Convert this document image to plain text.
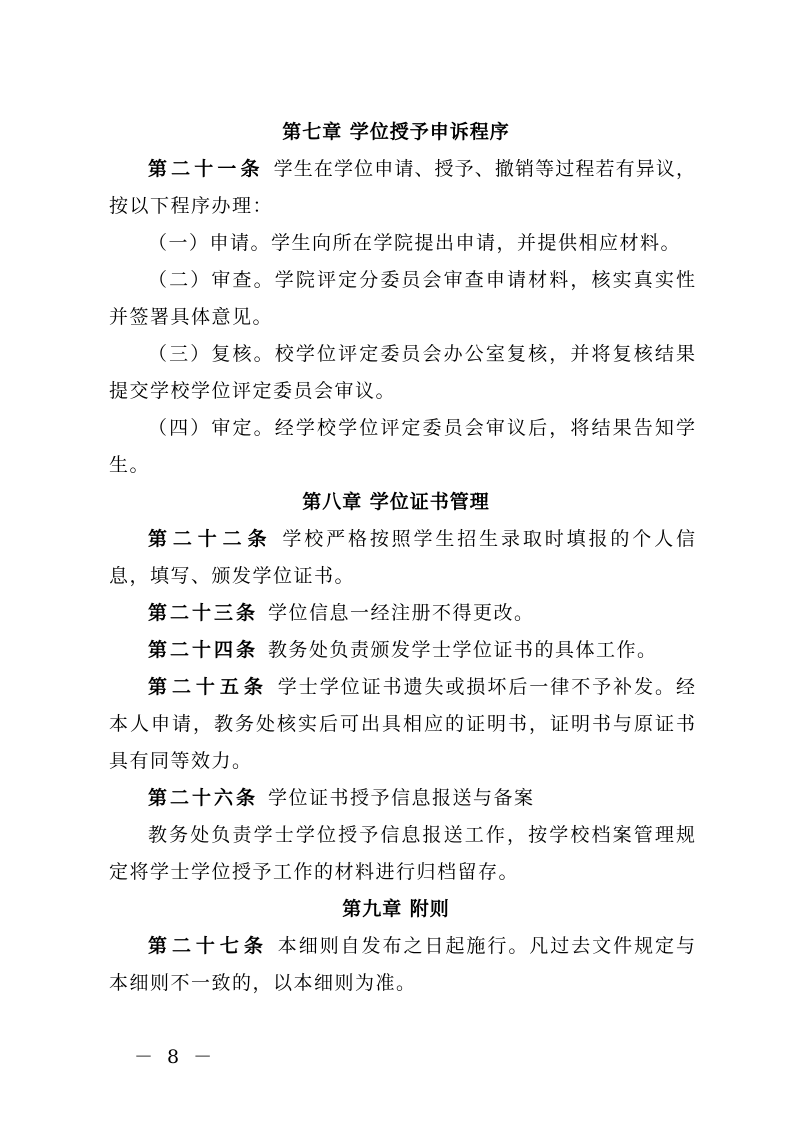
第七章 学位授予申诉程序
第二十一条 学生在学位申请、授予、撤销等过程若有异议，
按以下程序办理：
（一）申请。学生向所在学院提出申请，并提供相应材料。
（二）审查。学院评定分委员会审查申请材料，核实真实性
并签署具体意见。
（三）复核。校学位评定委员会办公室复核，并将复核结果
提交学校学位评定委员会审议。
（四）审定。经学校学位评定委员会审议后，将结果告知学
生。
第八章 学位证书管理
第二十二条 学校严格按照学生招生录取时填报的个人信
息，填写、颁发学位证书。
第二十三条 学位信息一经注册不得更改。
第二十四条 教务处负责颁发学士学位证书的具体工作。
第二十五条 学士学位证书遗失或损坏后一律不予补发。经
本人申请，教务处核实后可出具相应的证明书，证明书与原证书
具有同等效力。
第二十六条 学位证书授予信息报送与备案
教务处负责学士学位授予信息报送工作，按学校档案管理规
定将学士学位授予工作的材料进行归档留存。
第九章 附则
第二十七条 本细则自发布之日起施行。凡过去文件规定与
本细则不一致的，以本细则为准。
－ 8 －
